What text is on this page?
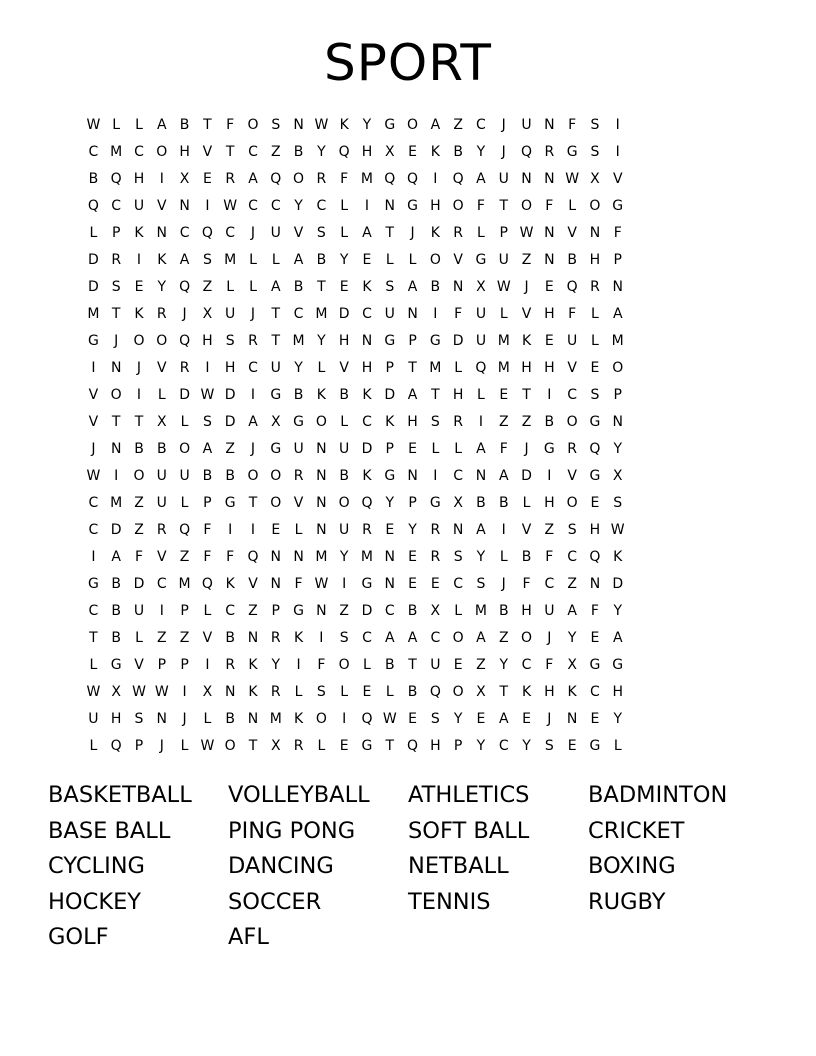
SPORT
W L	L	A B T	F O S N W K Y G O A Z C	J	U N F	S	I
C M C O H V T C Z B Y Q H X E K B Y	J	Q R G S	I
B Q H	I	X E R A Q O R F M Q Q	I	Q A U N N W X V
Q C U V N	I W C C Y C	L	I	N G H O F	T O F	L O G
L	P K N C Q C	J	U V S	L	A T	J	K R	L	P W N V N F
D R	I	K A S M L	L	A B Y	E	L	L O V G U Z N B H P
D S E	Y Q Z	L	L	A B T	E K S A B N X W J	E Q R N
M T K R	J	X U	J	T C M D C U N	I	F U L	V H F	L	A
G	J	O O Q H S R T M Y H N G P G D U M K E U L M
I	N	J	V R	I	H C U Y	L	V H P	T M L Q M H H V E O
V O	I	L D W D	I	G B K B K D A T H L	E	T	I	C S	P
V T	T X	L	S D A X G O L	C K H S R	I	Z Z B O G N
J	N B B O A Z	J	G U N U D P	E	L	L	A F	J	G R Q Y
W I	O U U B B O O R N B K G N	I	C N A D	I	V G X
C M Z U L	P G T O V N O Q Y	P G X B B	L H O E S
C D Z R Q F	I	I	E	L N U R E	Y R N A	I	V Z S H W
I	A F V Z F	F Q N N M Y M N E R S	Y	L	B F C Q K
G B D C M Q K V N F W I	G N E E C S	J	F C Z N D
C B U	I	P	L	C Z P G N Z D C B X	L M B H U A F	Y
T B	L	Z Z V B N R K	I	S C A A C O A Z O	J	Y	E A
L G V P	P	I	R K Y	I	F O L	B T U E Z Y C F X G G
W X W W I	X N K R	L	S	L	E	L	B Q O X T K H K C H
U H S N	J	L	B N M K O	I	Q W E S	Y	E A E	J	N E	Y
L Q P	J	L W O T X R	L	E G T Q H P	Y C Y	S E G L
BASKETBALL	VOLLEYBALL	ATHLETICS	BADMINTON
BASE BALL	PING PONG	SOFT BALL	CRICKET
CYCLING	DANCING	NETBALL	BOXING
HOCKEY	SOCCER	TENNIS	RUGBY
GOLF	AFL
